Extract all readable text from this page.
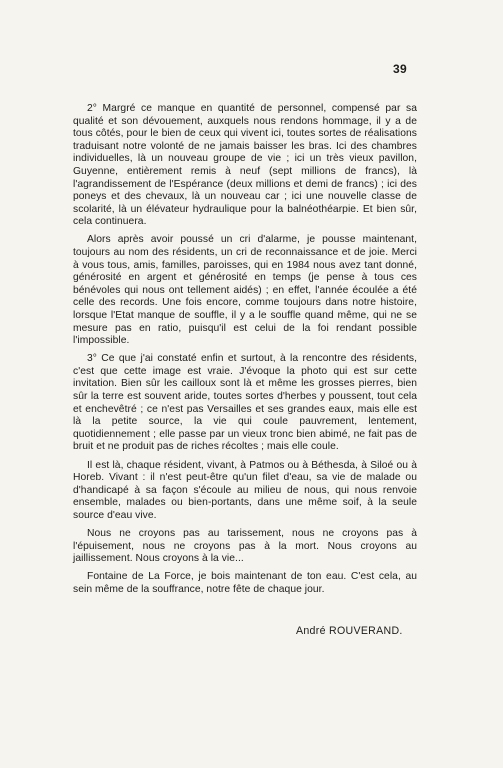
39

2° Margré ce manque en quantité de personnel, compensé par sa qualité et son dévouement, auxquels nous rendons hommage, il y a de tous côtés, pour le bien de ceux qui vivent ici, toutes sortes de réalisations traduisant notre volonté de ne jamais baisser les bras. Ici des chambres individuelles, là un nouveau groupe de vie ; ici un très vieux pavillon, Guyenne, entièrement remis à neuf (sept millions de francs), là l'agrandissement de l'Espérance (deux millions et demi de francs) ; ici des poneys et des chevaux, là un nouveau car ; ici une nouvelle classe de scolarité, là un élévateur hydraulique pour la balnéothéarpie. Et bien sûr, cela continuera.

Alors après avoir poussé un cri d'alarme, je pousse maintenant, toujours au nom des résidents, un cri de reconnaissance et de joie. Merci à vous tous, amis, familles, paroisses, qui en 1984 nous avez tant donné, générosité en argent et générosité en temps (je pense à tous ces bénévoles qui nous ont tellement aidés) ; en effet, l'année écoulée a été celle des records. Une fois encore, comme toujours dans notre histoire, lorsque l'Etat manque de souffle, il y a le souffle quand même, qui ne se mesure pas en ratio, puisqu'il est celui de la foi rendant possible l'impossible.

3° Ce que j'ai constaté enfin et surtout, à la rencontre des résidents, c'est que cette image est vraie. J'évoque la photo qui est sur cette invitation. Bien sûr les cailloux sont là et même les grosses pierres, bien sûr la terre est souvent aride, toutes sortes d'herbes y poussent, tout cela et enchevêtré ; ce n'est pas Versailles et ses grandes eaux, mais elle est là la petite source, la vie qui coule pauvrement, lentement, quotidiennement ; elle passe par un vieux tronc bien abimé, ne fait pas de bruit et ne produit pas de riches récoltes ; mais elle coule.

Il est là, chaque résident, vivant, à Patmos ou à Béthesda, à Siloé ou à Horeb. Vivant : il n'est peut-être qu'un filet d'eau, sa vie de malade ou d'handicapé à sa façon s'écoule au milieu de nous, qui nous renvoie ensemble, malades ou bien-portants, dans une même soif, à la seule source d'eau vive.

Nous ne croyons pas au tarissement, nous ne croyons pas à l'épuisement, nous ne croyons pas à la mort. Nous croyons au jaillissement. Nous croyons à la vie...

Fontaine de La Force, je bois maintenant de ton eau. C'est cela, au sein même de la souffrance, notre fête de chaque jour.

André ROUVERAND.
